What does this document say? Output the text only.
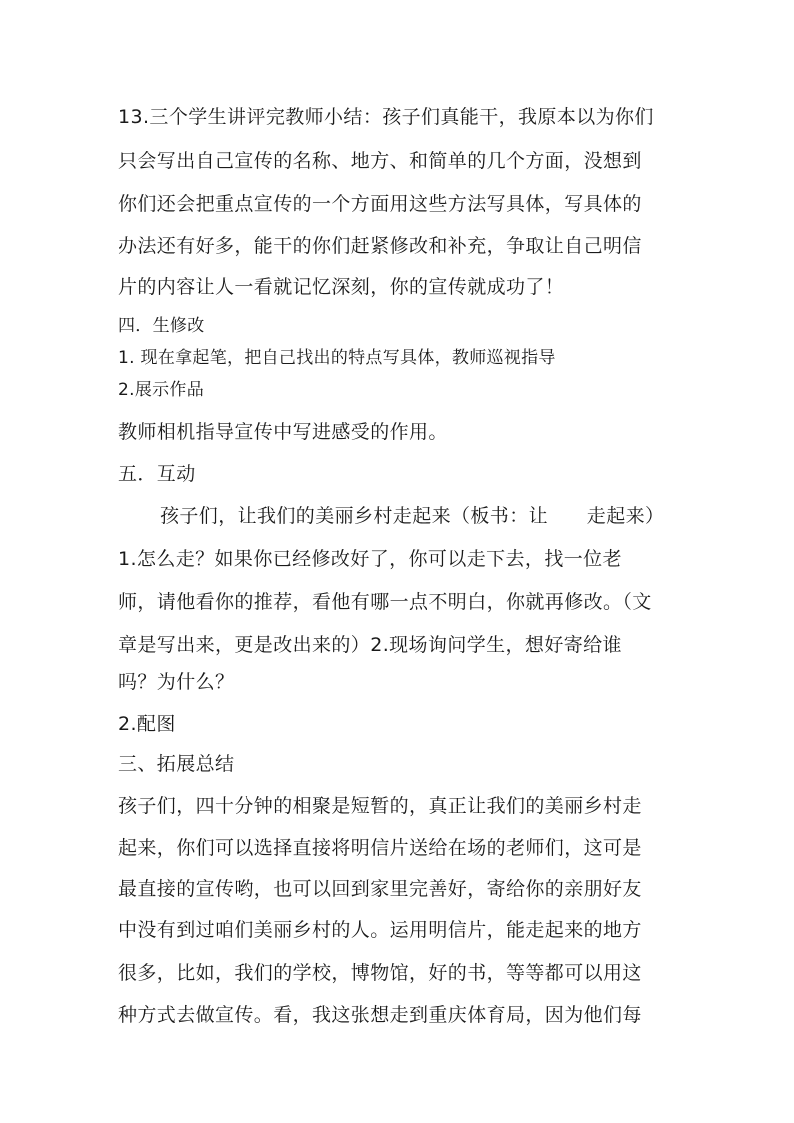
13.三个学生讲评完教师小结：孩子们真能干，我原本以为你们

只会写出自己宣传的名称、地方、和简单的几个方面，没想到

你们还会把重点宣传的一个方面用这些方法写具体，写具体的

办法还有好多，能干的你们赶紧修改和补充，争取让自己明信

片的内容让人一看就记忆深刻，你的宣传就成功了！

四．生修改

1. 现在拿起笔，把自己找出的特点写具体，教师巡视指导

2.展示作品

教师相机指导宣传中写进感受的作用。

五．互动

孩子们，让我们的美丽乡村走起来（板书：让　　走起来）

1.怎么走？如果你已经修改好了，你可以走下去，找一位老

师，请他看你的推荐，看他有哪一点不明白，你就再修改。（文

章是写出来，更是改出来的）2.现场询问学生，想好寄给谁

吗？为什么？

2.配图

三、拓展总结

孩子们，四十分钟的相聚是短暂的，真正让我们的美丽乡村走

起来，你们可以选择直接将明信片送给在场的老师们，这可是

最直接的宣传哟，也可以回到家里完善好，寄给你的亲朋好友

中没有到过咱们美丽乡村的人。运用明信片，能走起来的地方

很多，比如，我们的学校，博物馆，好的书，等等都可以用这

种方式去做宣传。看，我这张想走到重庆体育局，因为他们每
